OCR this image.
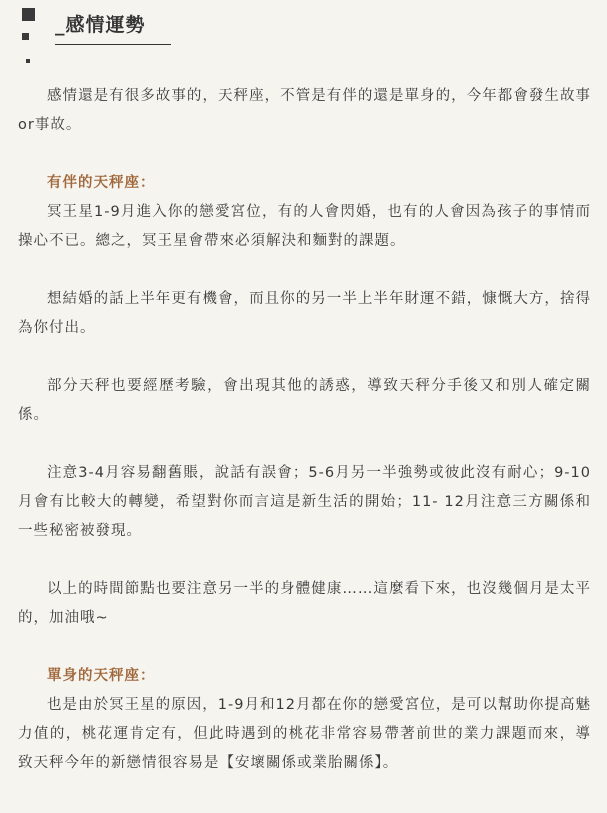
_感情運勢

感情還是有很多故事的，天秤座，不管是有伴的還是單身的，今年都會發生故事or事故。

有伴的天秤座：

冥王星1-9月進入你的戀愛宮位，有的人會閃婚，也有的人會因為孩子的事情而操心不已。總之，冥王星會帶來必須解決和麵對的課題。

想結婚的話上半年更有機會，而且你的另一半上半年財運不錯，慷慨大方，捨得為你付出。

部分天秤也要經歷考驗，會出現其他的誘惑，導致天秤分手後又和別人確定關係。

注意3-4月容易翻舊賬，說話有誤會；5-6月另一半強勢或彼此沒有耐心；9-10月會有比較大的轉變，希望對你而言這是新生活的開始；11- 12月注意三方關係和一些秘密被發現。

以上的時間節點也要注意另一半的身體健康……這麼看下來，也沒幾個月是太平的，加油哦~

單身的天秤座：

也是由於冥王星的原因，1-9月和12月都在你的戀愛宮位，是可以幫助你提高魅力值的，桃花運肯定有，但此時遇到的桃花非常容易帶著前世的業力課題而來，導致天秤今年的新戀情很容易是【安壞關係或業胎關係】。
